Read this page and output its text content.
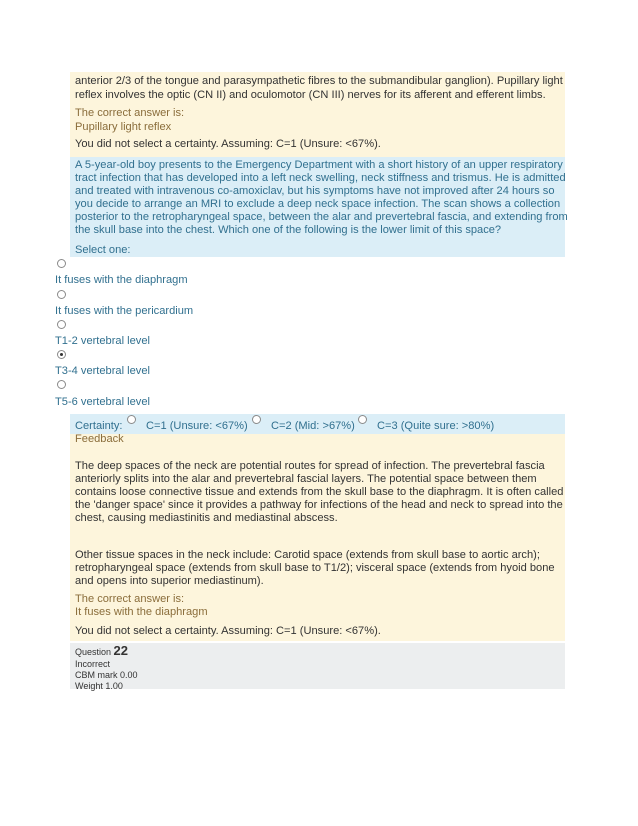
anterior 2/3 of the tongue and parasympathetic fibres to the submandibular ganglion). Pupillary light
reflex involves the optic (CN II) and oculomotor (CN III) nerves for its afferent and efferent limbs.
The correct answer is:
Pupillary light reflex
You did not select a certainty. Assuming: C=1 (Unsure: <67%).
A 5-year-old boy presents to the Emergency Department with a short history of an upper respiratory
tract infection that has developed into a left neck swelling, neck stiffness and trismus. He is admitted
and treated with intravenous co-amoxiclav, but his symptoms have not improved after 24 hours so
you decide to arrange an MRI to exclude a deep neck space infection. The scan shows a collection
posterior to the retropharyngeal space, between the alar and prevertebral fascia, and extending from
the skull base into the chest. Which one of the following is the lower limit of this space?
Select one:
It fuses with the diaphragm
It fuses with the pericardium
T1-2 vertebral level
T3-4 vertebral level
T5-6 vertebral level
Certainty: C=1 (Unsure: <67%) C=2 (Mid: >67%) C=3 (Quite sure: >80%)
Feedback
The deep spaces of the neck are potential routes for spread of infection. The prevertebral fascia
anteriorly splits into the alar and prevertebral fascial layers. The potential space between them
contains loose connective tissue and extends from the skull base to the diaphragm. It is often called
the 'danger space' since it provides a pathway for infections of the head and neck to spread into the
chest, causing mediastinitis and mediastinal abscess.
Other tissue spaces in the neck include: Carotid space (extends from skull base to aortic arch);
retropharyngeal space (extends from skull base to T1/2); visceral space (extends from hyoid bone
and opens into superior mediastinum).
The correct answer is:
It fuses with the diaphragm
You did not select a certainty. Assuming: C=1 (Unsure: <67%).
Question 22
Incorrect
CBM mark 0.00
Weight 1.00
